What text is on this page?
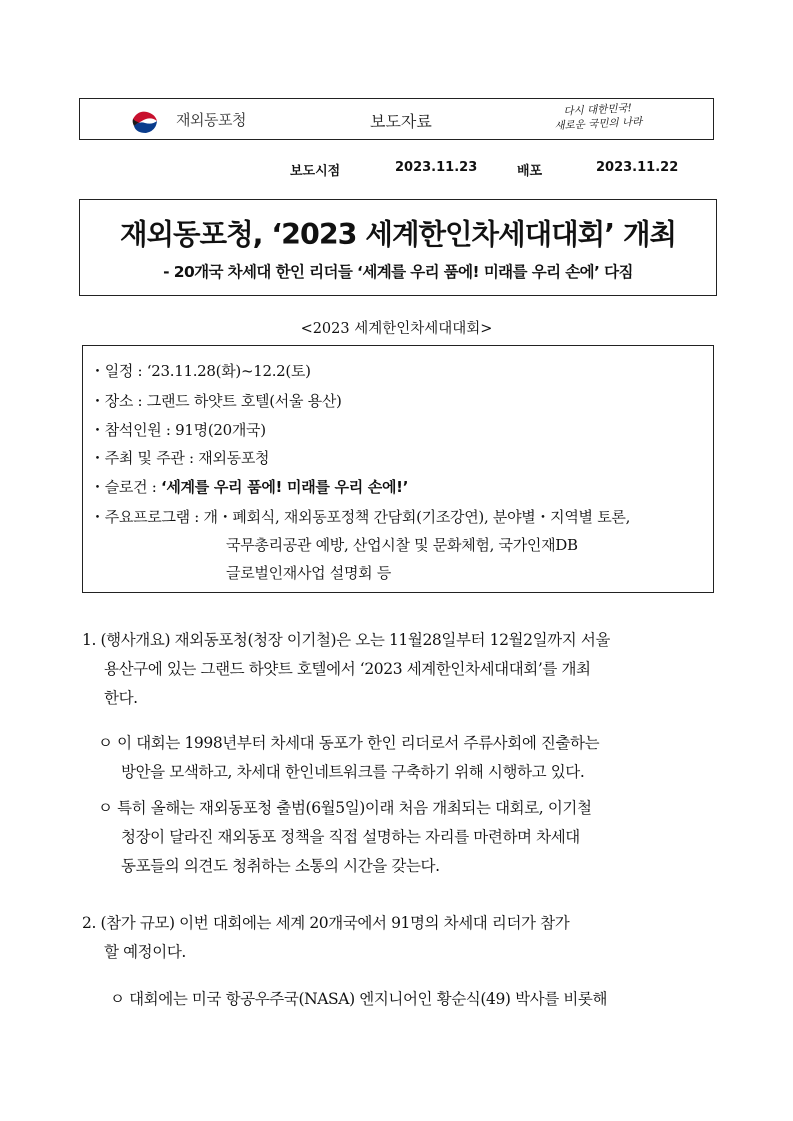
재외동포청	보도자료
다시 대한민국!
새로운 국민의 나라
보도시점	2023.11.23	배포	2023.11.22
재외동포청, ‘2023 세계한인차세대대회’ 개최
- 20개국 차세대 한인 리더들 ‘세계를 우리 품에! 미래를 우리 손에’ 다짐
<2023 세계한인차세대대회>
・일정 : ‘23.11.28(화)~12.2(토)
・장소 : 그랜드 하얏트 호텔(서울 용산)
・참석인원 : 91명(20개국)
・주최 및 주관 : 재외동포청
・슬로건 : ‘세계를 우리 품에! 미래를 우리 손에!’
・주요프로그램 : 개・폐회식, 재외동포정책 간담회(기조강연), 분야별・지역별 토론,
국무총리공관 예방, 산업시찰 및 문화체험, 국가인재DB
글로벌인재사업 설명회 등
1. (행사개요) 재외동포청(청장 이기철)은 오는 11월28일부터 12월2일까지 서울
용산구에 있는 그랜드 하얏트 호텔에서 ‘2023 세계한인차세대대회’를 개최
한다.
ㅇ 이 대회는 1998년부터 차세대 동포가 한인 리더로서 주류사회에 진출하는
방안을 모색하고, 차세대 한인네트워크를 구축하기 위해 시행하고 있다.
ㅇ 특히 올해는 재외동포청 출범(6월5일)이래 처음 개최되는 대회로, 이기철
청장이 달라진 재외동포 정책을 직접 설명하는 자리를 마련하며 차세대
동포들의 의견도 청취하는 소통의 시간을 갖는다.
2. (참가 규모) 이번 대회에는 세계 20개국에서 91명의 차세대 리더가 참가
할 예정이다.
ㅇ 대회에는 미국 항공우주국(NASA) 엔지니어인 황순식(49) 박사를 비롯해
